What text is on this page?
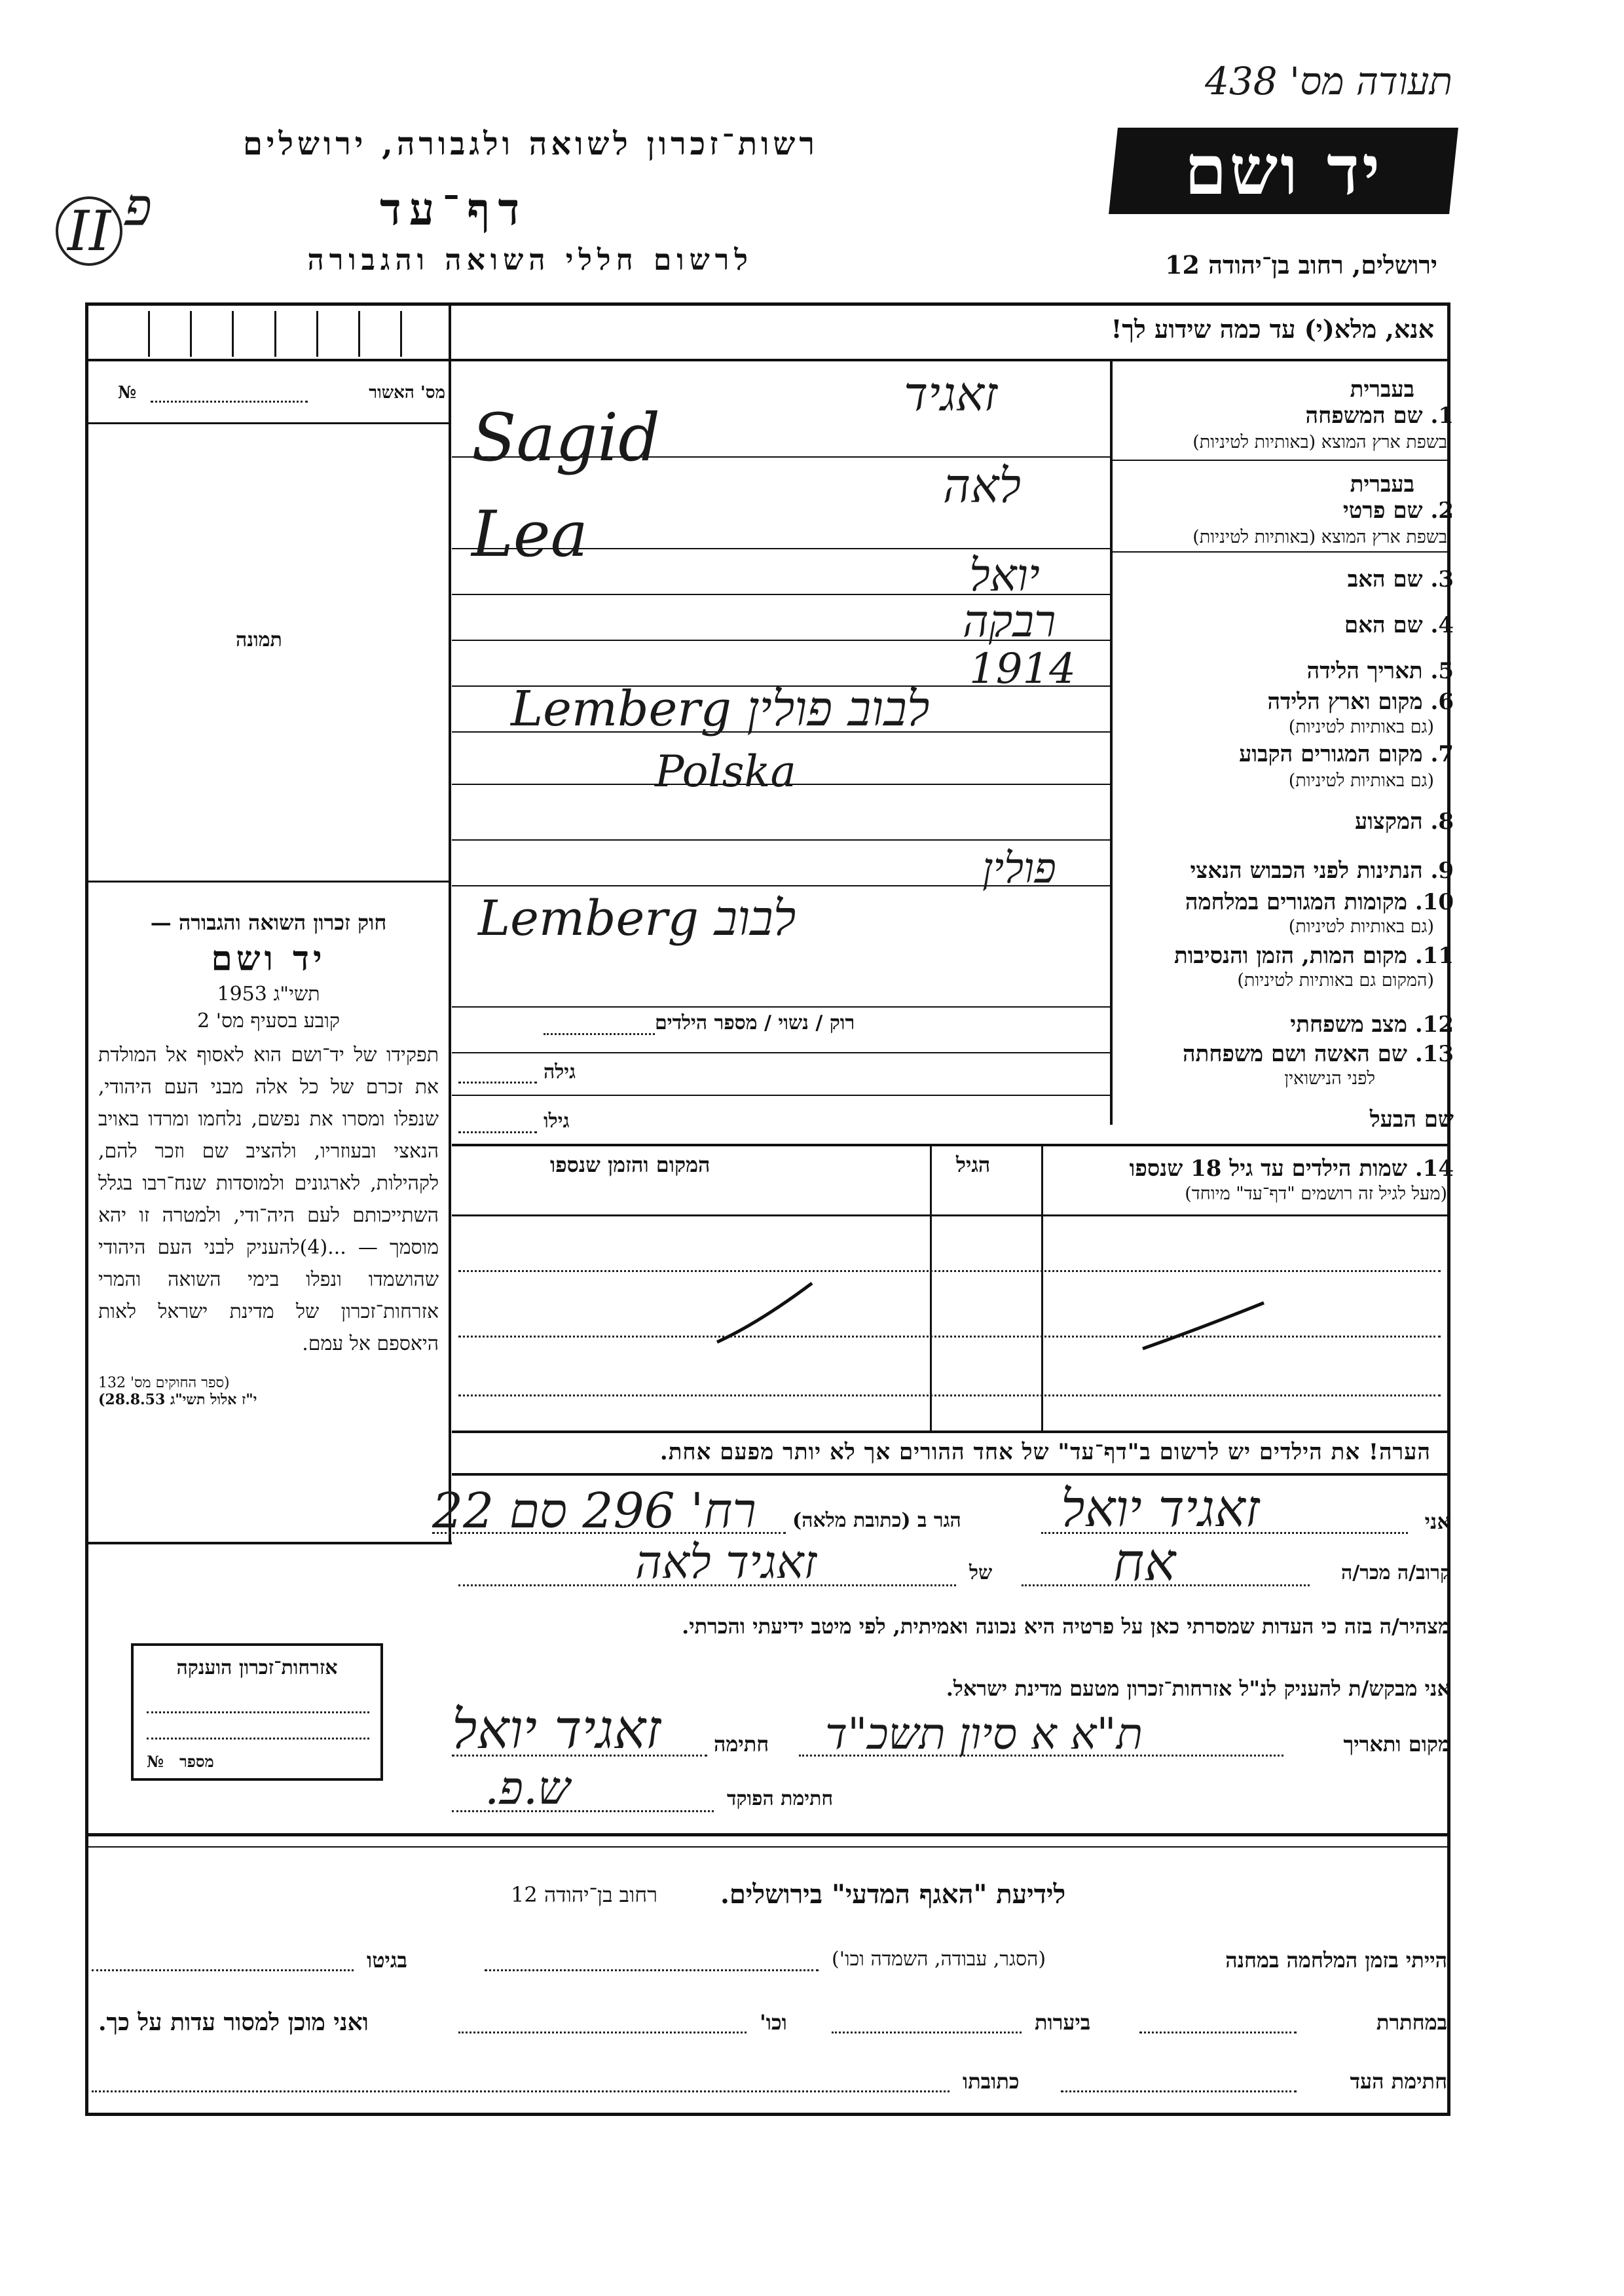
תעודה מס' 438
פ
II
רשות־זכרון לשואה ולגבורה, ירושלים
דף־עד
לרשום חללי השואה והגבורה
יד ושם
ירושלים, רחוב בן־יהודה 12
אנא, מלא(י) עד כמה שידוע לך!
מס' האשור
№
תמונה
חוק זכרון השואה והגבורה —
יד ושם
תשי"ג 1953
קובע בסעיף מס' 2
תפקידו של יד־ושם הוא לאסוף אל המולדת את זכרם של כל אלה מבני העם היהודי, שנפלו ומסרו את נפשם, נלחמו ומרדו באויב הנאצי ובעוזריו, ולהציב שם וזכר להם, לקהילות, לארגונים ולמוסדות שנח־רבו בגלל השתייכותם לעם היה־ודי, ולמטרה זו יהא מוסמך — ...(4)להעניק לבני העם היהודי שהושמדו ונפלו בימי השואה והמרי אזרחות־זכרון של מדינת ישראל לאות היאספם אל עמם.
(ספר החוקים מס' 132
י"ז אלול תשי"ג 28.8.53)
בעברית
1. שם המשפחה
בשפת ארץ המוצא (באותיות לטיניות)
זאגיד
Sagid
בעברית
2. שם פרטי
בשפת ארץ המוצא (באותיות לטיניות)
לאה
Lea
3. שם האב
יואל
4. שם האם
רבקה
5. תאריך הלידה
1914
6. מקום וארץ הלידה
(גם באותיות לטיניות)
Lemberg לבוב פולין
7. מקום המגורים הקבוע
(גם באותיות לטיניות)
Polska
8. המקצוע
9. הנתינות לפני הכבוש הנאצי
פולין
10. מקומות המגורים במלחמה
(גם באותיות לטיניות)
Lemberg לבוב
11. מקום המות, הזמן והנסיבות
(המקום גם באותיות לטיניות)
12. מצב משפחתי
רוק / נשוי / מספר הילדים
13. שם האשה ושם משפחתה
לפני הנישואין
גילה
שם הבעל
גילו
14. שמות הילדים עד גיל 18 שנספו
(מעל לגיל זה רושמים "דף־עד" מיוחד)
הגיל
המקום והזמן שנספו
הערה! את הילדים יש לרשום ב"דף־עד" של אחד ההורים אך לא יותר מפעם אחת.
אני
זאגיד יואל
הגר ב (כתובת מלאה)
רח' 296 סם 22
קרוב/ה מכר/ה
אח
של
זאגיד לאה
מצהיר/ה בזה כי העדות שמסרתי כאן על פרטיה היא נכונה ואמיתית, לפי מיטב ידיעתי והכרתי.
אני מבקש/ת להעניק לנ"ל אזרחות־זכרון מטעם מדינת ישראל.
מקום ותאריך
ת"א א סיון תשכ"ד
חתימה
זאגיד יואל
חתימת הפוקד
ש.פ.
אזרחות־זכרון הוענקה
№ מספר
לידיעת "האגף המדעי" בירושלים.
רחוב בן־יהודה 12
הייתי בזמן המלחמה במחנה
(הסגר, עבודה, השמדה וכו')
בגיטו
במחתרת
ביערות
וכו'
ואני מוכן למסור עדות על כך.
חתימת העד
כתובתו
